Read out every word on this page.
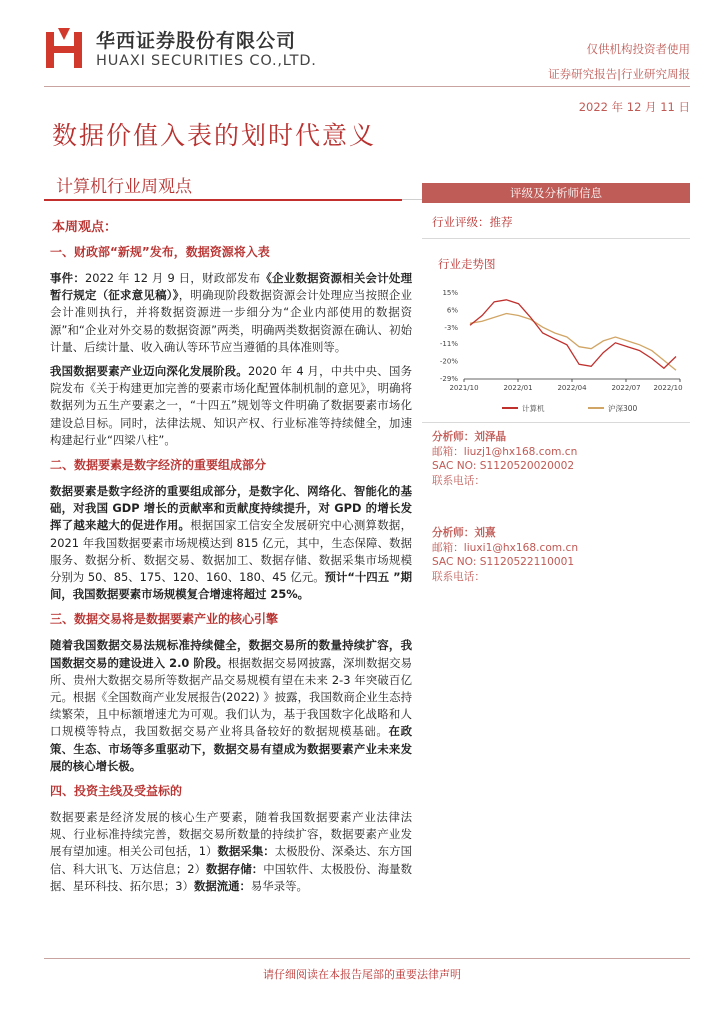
华西证券股份有限公司
HUAXI SECURITIES CO.,LTD.
仅供机构投资者使用
证券研究报告|行业研究周报
2022 年 12 月 11 日
数据价值入表的划时代意义
计算机行业周观点
本周观点：
一、财政部“新规”发布，数据资源将入表
事件：2022 年 12 月 9 日，财政部发布《企业数据资源相关会计处理暂行规定（征求意见稿）》，明确现阶段数据资源会计处理应当按照企业会计准则执行，并将数据资源进一步细分为“企业内部使用的数据资源”和“企业对外交易的数据资源”两类，明确两类数据资源在确认、初始计量、后续计量、收入确认等环节应当遵循的具体准则等。
我国数据要素产业迈向深化发展阶段。2020 年 4 月，中共中央、国务院发布《关于构建更加完善的要素市场化配置体制机制的意见》，明确将数据列为五生产要素之一，“十四五”规划等文件明确了数据要素市场化建设总目标。同时，法律法规、知识产权、行业标准等持续健全，加速构建起行业“四梁八柱”。
二、数据要素是数字经济的重要组成部分
数据要素是数字经济的重要组成部分，是数字化、网络化、智能化的基础，对我国 GDP 增长的贡献率和贡献度持续提升，对 GPD 的增长发挥了越来越大的促进作用。根据国家工信安全发展研究中心测算数据，2021 年我国数据要素市场规模达到 815 亿元，其中，生态保障、数据服务、数据分析、数据交易、数据加工、数据存储、数据采集市场规模分别为 50、85、175、120、160、180、45 亿元。预计“十四五 ”期间，我国数据要素市场规模复合增速将超过 25%。
三、数据交易将是数据要素产业的核心引擎
随着我国数据交易法规标准持续健全，数据交易所的数量持续扩容，我国数据交易的建设进入 2.0 阶段。根据数据交易网披露，深圳数据交易所、贵州大数据交易所等数据产品交易规模有望在未来 2-3 年突破百亿元。根据《全国数商产业发展报告(2022) 》披露，我国数商企业生态持续繁荣，且中标额增速尤为可观。我们认为，基于我国数字化战略和人口规模等特点，我国数据交易产业将具备较好的数据规模基础。在政策、生态、市场等多重驱动下，数据交易有望成为数据要素产业未来发展的核心增长极。
四、投资主线及受益标的
数据要素是经济发展的核心生产要素，随着我国数据要素产业法律法规、行业标准持续完善，数据交易所数量的持续扩容，数据要素产业发展有望加速。相关公司包括，1）数据采集：太极股份、深桑达、东方国信、科大讯飞、万达信息；2）数据存储：中国软件、太极股份、海量数据、星环科技、拓尔思；3）数据流通：易华录等。
评级及分析师信息
行业评级：推荐
行业走势图
15%
6%
-3%
-11%
-20%
-29%
2021/10	2022/01	2022/04	2022/07 2022/10
计算机	沪深300
分析师：刘泽晶
邮箱：liuzj1@hx168.com.cn
SAC NO: S1120520020002
联系电话：
分析师：刘熹
邮箱：liuxi1@hx168.com.cn
SAC NO: S1120522110001
联系电话：
请仔细阅读在本报告尾部的重要法律声明
